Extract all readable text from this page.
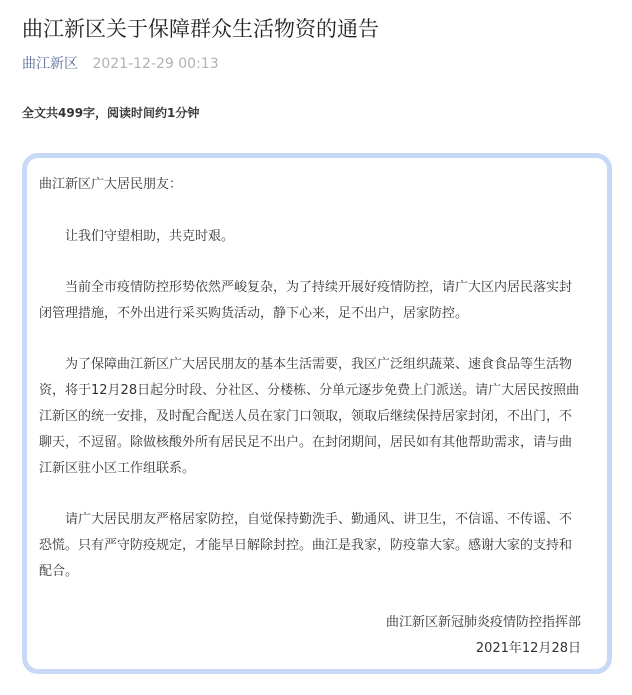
曲江新区关于保障群众生活物资的通告
曲江新区 2021-12-29 00:13
全文共499字，阅读时间约1分钟

曲江新区广大居民朋友：

让我们守望相助，共克时艰。

当前全市疫情防控形势依然严峻复杂，为了持续开展好疫情防控，请广大区内居民落实封闭管理措施，不外出进行采买购货活动，静下心来，足不出户，居家防控。

为了保障曲江新区广大居民朋友的基本生活需要，我区广泛组织蔬菜、速食食品等生活物资，将于12月28日起分时段、分社区、分楼栋、分单元逐步免费上门派送。请广大居民按照曲江新区的统一安排，及时配合配送人员在家门口领取，领取后继续保持居家封闭，不出门，不聊天，不逗留。除做核酸外所有居民足不出户。在封闭期间，居民如有其他帮助需求，请与曲江新区驻小区工作组联系。

请广大居民朋友严格居家防控，自觉保持勤洗手、勤通风、讲卫生，不信谣、不传谣、不恐慌。只有严守防疫规定，才能早日解除封控。曲江是我家，防疫靠大家。感谢大家的支持和配合。

曲江新区新冠肺炎疫情防控指挥部

2021年12月28日
